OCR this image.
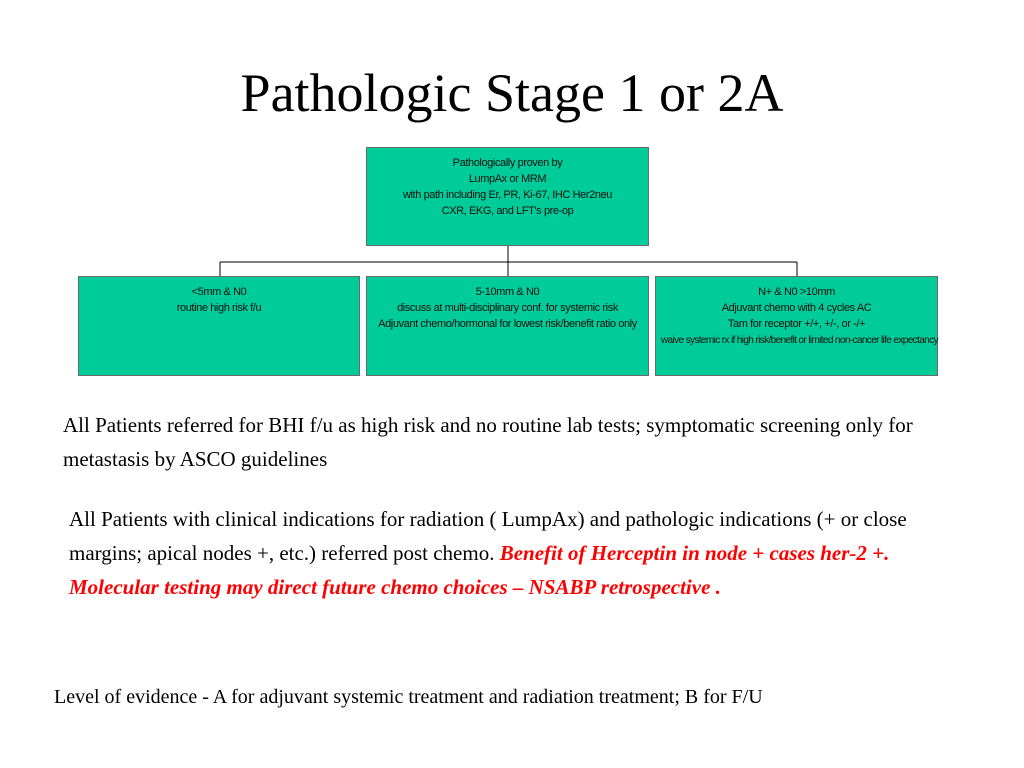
Pathologic Stage 1 or 2A
Pathologically proven by
LumpAx or MRM
with path including Er, PR, Ki-67, IHC Her2neu
CXR, EKG, and LFT's pre-op
<5mm & N0
routine high risk f/u
5-10mm & N0
discuss at multi-disciplinary conf. for systemic risk
Adjuvant chemo/hormonal for lowest risk/benefit ratio only
N+ & N0 >10mm
Adjuvant chemo with 4 cycles AC
Tam for receptor +/+, +/-, or -/+
waive systemic rx if high risk/benefit or limited non-cancer life expectancy

All Patients referred for BHI f/u as high risk and no routine lab tests; symptomatic screening only for metastasis by ASCO guidelines

All Patients with clinical indications for radiation ( LumpAx) and pathologic indications (+ or close margins; apical nodes +, etc.) referred post chemo. Benefit of Herceptin in node + cases her-2 +. Molecular testing may direct future chemo choices – NSABP retrospective .

Level of evidence - A for adjuvant systemic treatment and radiation treatment; B for F/U
